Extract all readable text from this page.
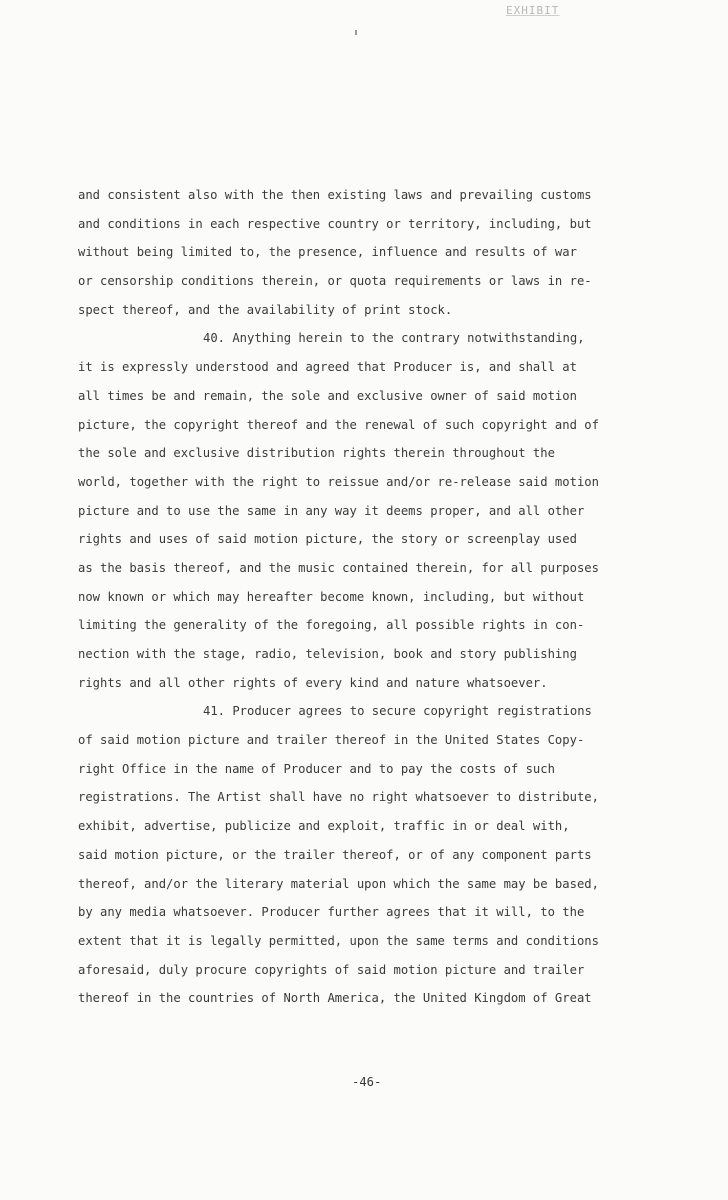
EXHIBIT
and consistent also with the then existing laws and prevailing customs
and conditions in each respective country or territory, including, but
without being limited to, the presence, influence and results of war
or censorship conditions therein, or quota requirements or laws in re-
spect thereof, and the availability of print stock.
40. Anything herein to the contrary notwithstanding,
it is expressly understood and agreed that Producer is, and shall at
all times be and remain, the sole and exclusive owner of said motion
picture, the copyright thereof and the renewal of such copyright and of
the sole and exclusive distribution rights therein throughout the
world, together with the right to reissue and/or re-release said motion
picture and to use the same in any way it deems proper, and all other
rights and uses of said motion picture, the story or screenplay used
as the basis thereof, and the music contained therein, for all purposes
now known or which may hereafter become known, including, but without
limiting the generality of the foregoing, all possible rights in con-
nection with the stage, radio, television, book and story publishing
rights and all other rights of every kind and nature whatsoever.
41. Producer agrees to secure copyright registrations
of said motion picture and trailer thereof in the United States Copy-
right Office in the name of Producer and to pay the costs of such
registrations. The Artist shall have no right whatsoever to distribute,
exhibit, advertise, publicize and exploit, traffic in or deal with,
said motion picture, or the trailer thereof, or of any component parts
thereof, and/or the literary material upon which the same may be based,
by any media whatsoever. Producer further agrees that it will, to the
extent that it is legally permitted, upon the same terms and conditions
aforesaid, duly procure copyrights of said motion picture and trailer
thereof in the countries of North America, the United Kingdom of Great
-46-
